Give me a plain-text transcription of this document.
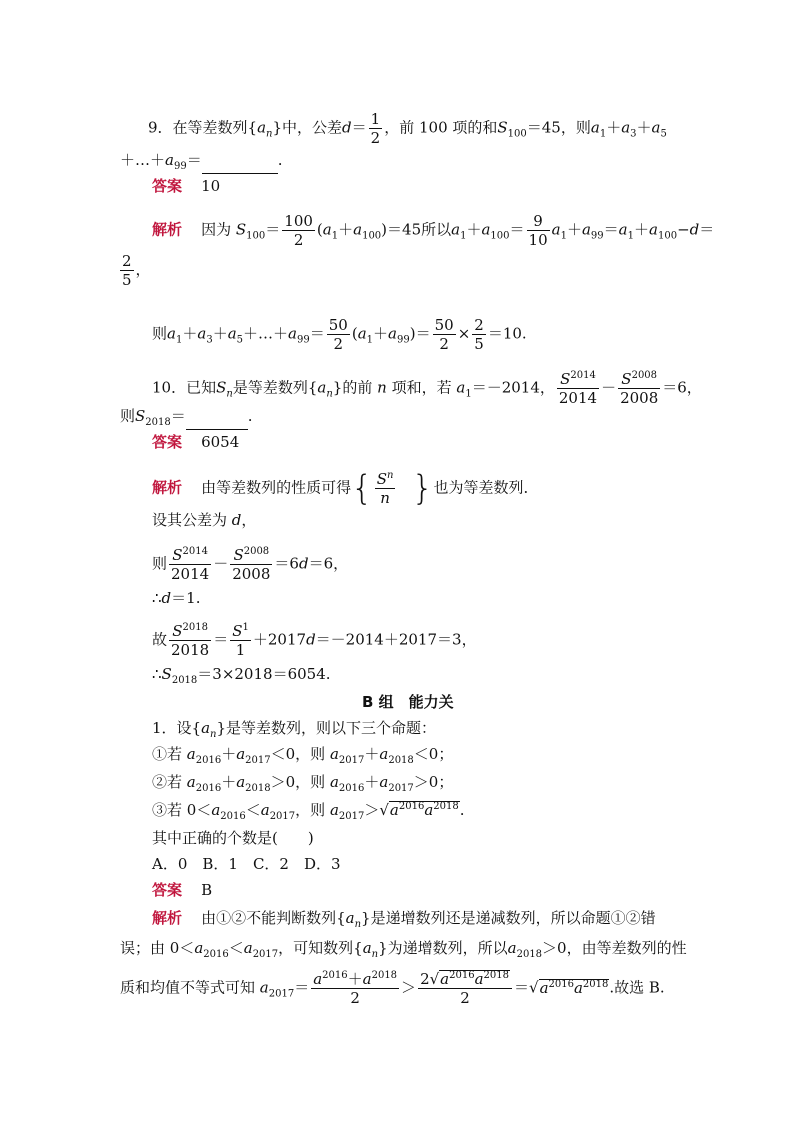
9．在等差数列$\{a_n\}$中，公差$d= \frac{1}{2}$ ，前 100 项的和$S_{100}=45$，则$a_1+a_3+a_5$
$+\dots+a_{99}=$	.
答案 10
解析 因为 $S_{100}= \frac{100}{2} (a_1+a_{100})=45$所以$a_1+a_{100}= \frac{9}{10} a_1+a_{99}=a_1+a_{100}-d=$
$\frac{2}{5}$ ，
则$a_1+a_3+a_5+\dots+a_{99}= \frac{50}{2} (a_1+a_{99})= \frac{50}{2} \times \frac{2}{5} =10$.
10．已知$S_n$是等差数列$\{a_n\}$的前 n 项和，若 $a_1=-2014$， $\frac{S^{2014}}{2014} - \frac{S^{2008}}{2008} =6$，
则$S_{2018}=$	.
答案 6054
解析 由等差数列的性质可得{ $\frac{S^n}{n}$ }也为等差数列．
设其公差为 d，
则 $\frac{S^{2014}}{2014} - \frac{S^{2008}}{2008} =6d=6$，
∴d＝1.
故 $\frac{S^{2018}}{2018} = \frac{S^1}{1} +2017d=-2014+2017=3$，
$\therefore S_{2018}=3\times 2018=6054$.
B 组　能力关
1．设$\{a_n\}$是等差数列，则以下三个命题：
①若 $a_{2016}+a_{2017}<0$，则 $a_{2017}+a_{2018}<0$；
②若 $a_{2016}+a_{2018}>0$，则 $a_{2016}+a_{2017}>0$；
③若 $0<a_{2016}<a_{2017}$，则 $a_{2017}>√a^{2016}a^{2018}$.
其中正确的个数是(　　)
A．0　B．1　C．2　D．3
答案 B
解析 由①②不能判断数列$\{a_n\}$是递增数列还是递减数列，所以命题①②错
误；由 $0<a_{2016}<a_{2017}$，可知数列$\{a_n\}$为递增数列，所以$a_{2018}>0$，由等差数列的性
质和均值不等式可知 $a_{2017}= \frac{a^{2016}+a^{2018}}{2} > \frac{2√a^{2016}a^{2018}}{2} =√a^{2016}a^{2018}$.故选 B.
